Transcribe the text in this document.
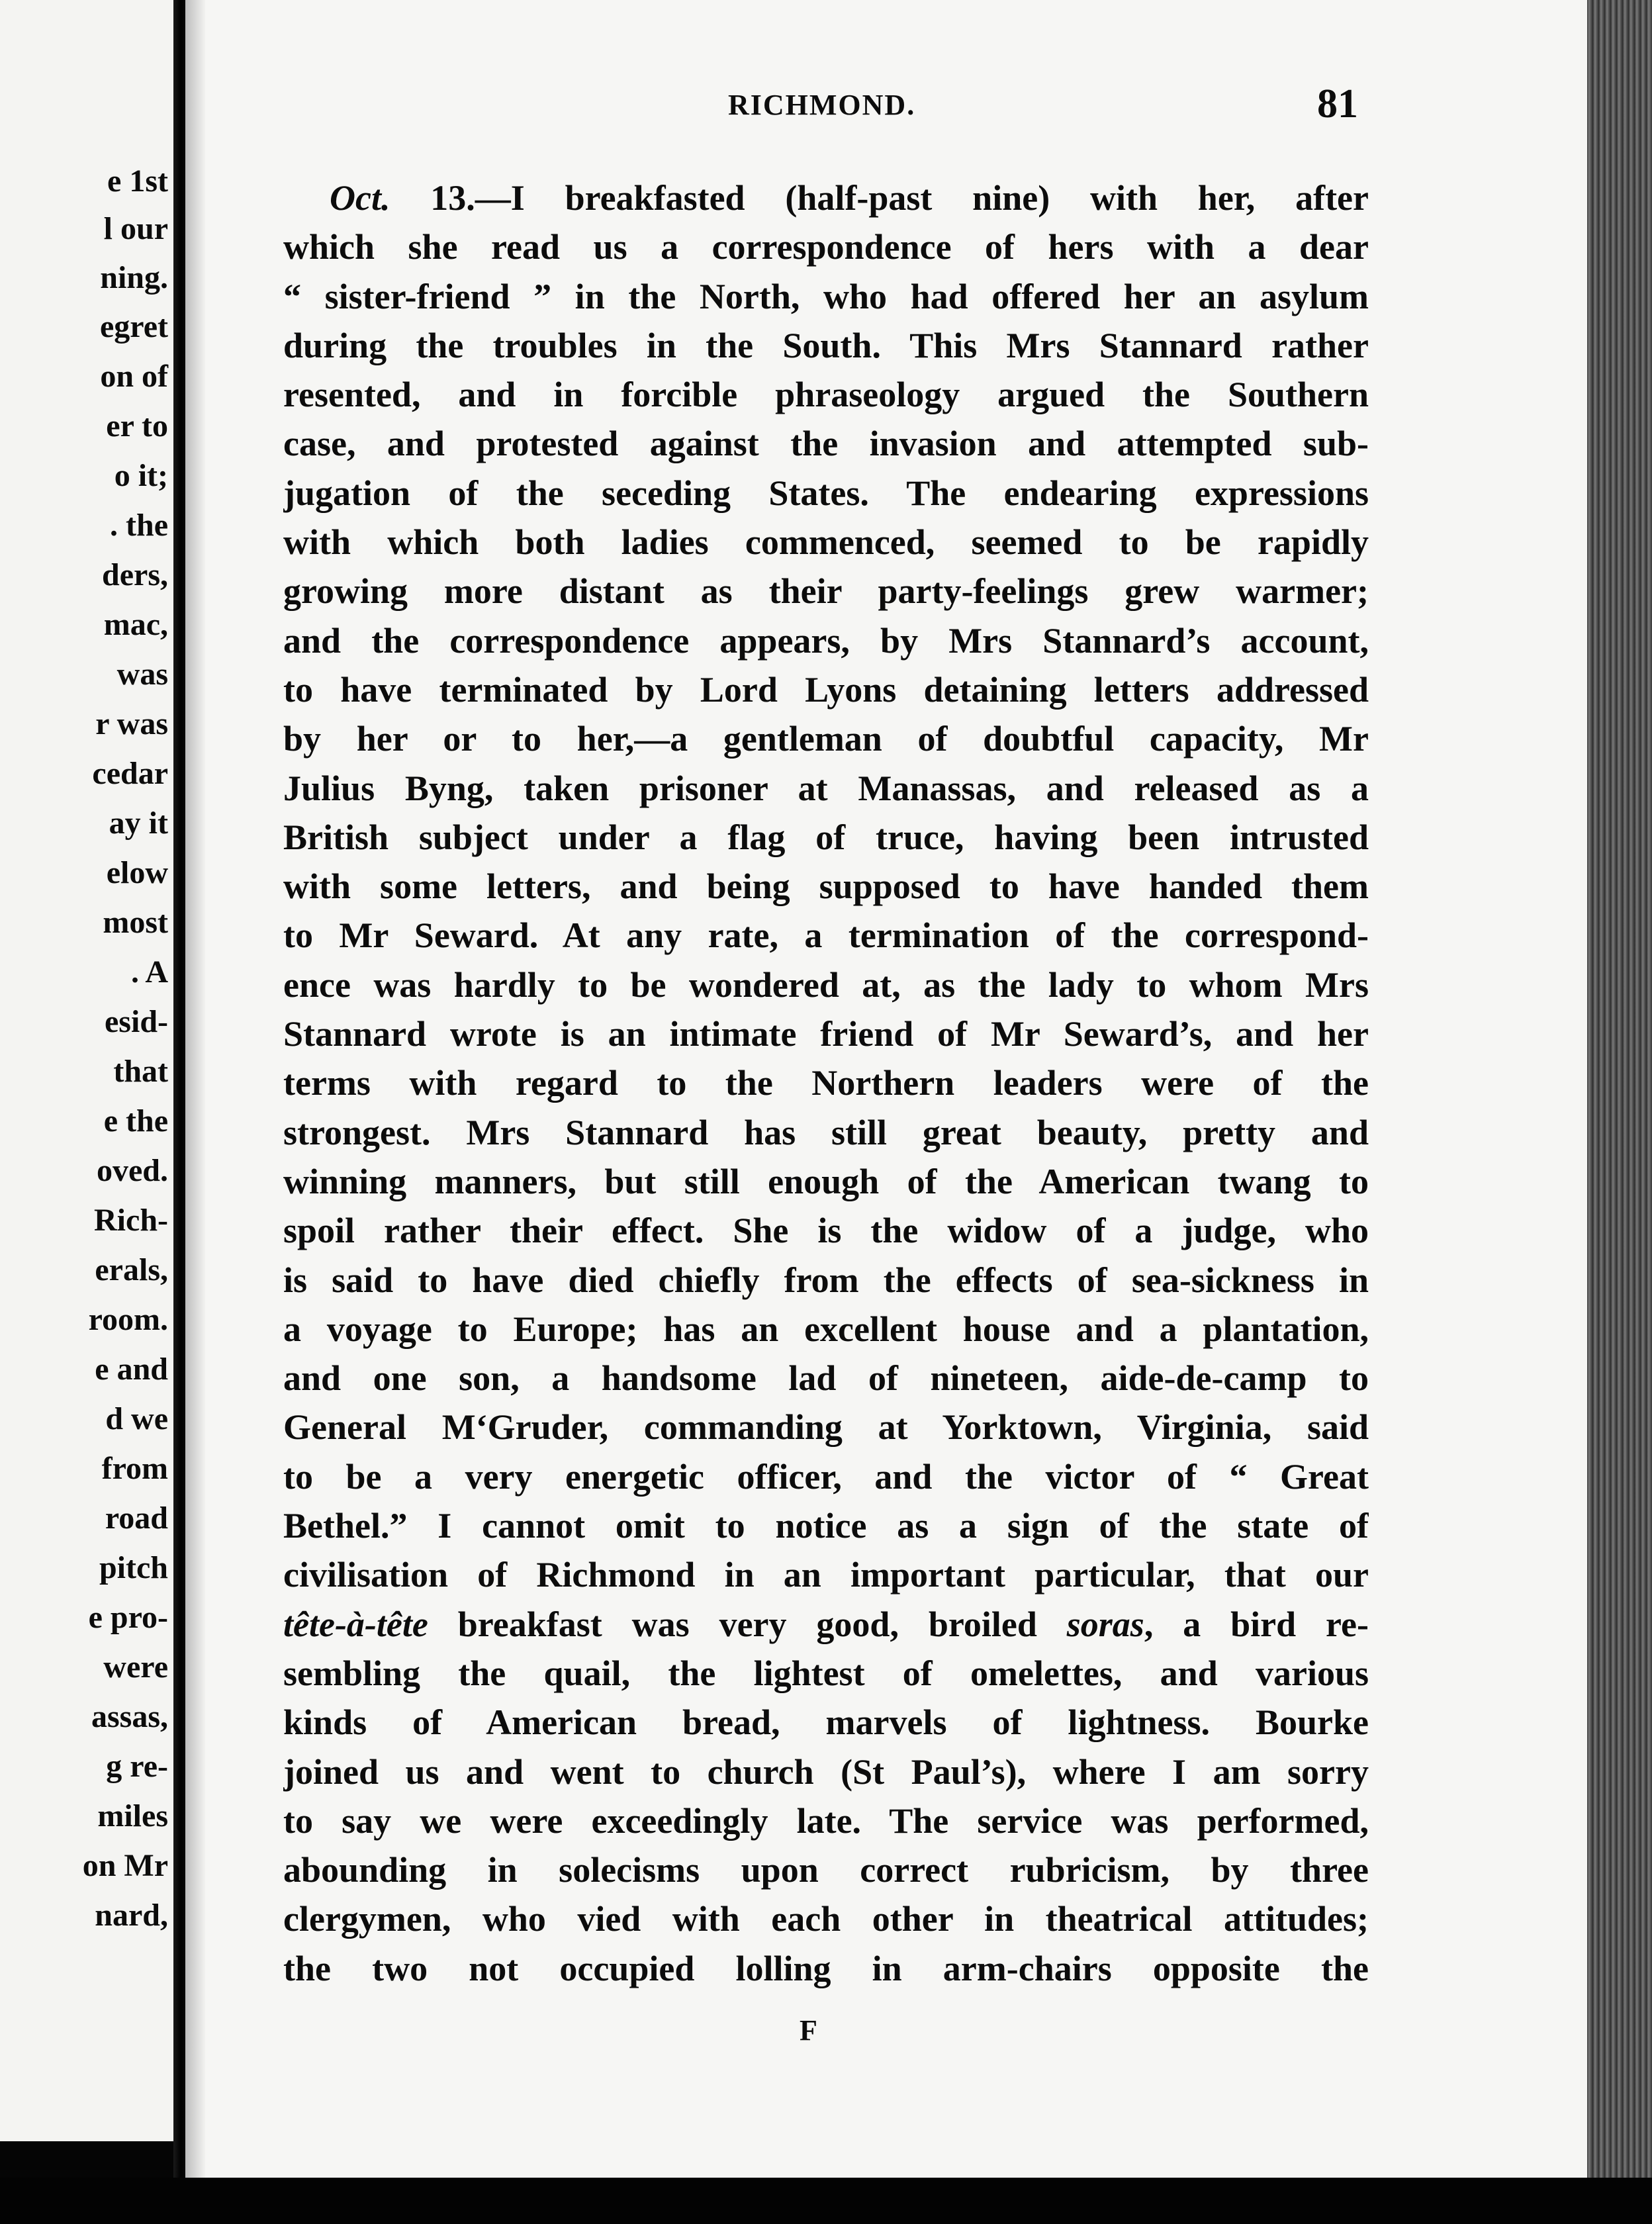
e 1st
l our
ning.
egret
on of
er to
o it;
. the
ders,
mac,
was
r was
cedar
ay it
elow
most
. A
esid-
that
e the
oved.
Rich-
erals,
room.
e and
d we
from
road
pitch
e pro-
were
assas,
g re-
miles
on Mr
nard,
RICHMOND.	81
Oct. 13.—I breakfasted (half-past nine) with her, after
which she read us a correspondence of hers with a dear
“ sister-friend ” in the North, who had offered her an asylum
during the troubles in the South. This Mrs Stannard rather
resented, and in forcible phraseology argued the Southern
case, and protested against the invasion and attempted sub-
jugation of the seceding States. The endearing expressions
with which both ladies commenced, seemed to be rapidly
growing more distant as their party-feelings grew warmer;
and the correspondence appears, by Mrs Stannard’s account,
to have terminated by Lord Lyons detaining letters addressed
by her or to her,—a gentleman of doubtful capacity, Mr
Julius Byng, taken prisoner at Manassas, and released as a
British subject under a flag of truce, having been intrusted
with some letters, and being supposed to have handed them
to Mr Seward. At any rate, a termination of the correspond-
ence was hardly to be wondered at, as the lady to whom Mrs
Stannard wrote is an intimate friend of Mr Seward’s, and her
terms with regard to the Northern leaders were of the
strongest. Mrs Stannard has still great beauty, pretty and
winning manners, but still enough of the American twang to
spoil rather their effect. She is the widow of a judge, who
is said to have died chiefly from the effects of sea-sickness in
a voyage to Europe; has an excellent house and a plantation,
and one son, a handsome lad of nineteen, aide-de-camp to
General M‘Gruder, commanding at Yorktown, Virginia, said
to be a very energetic officer, and the victor of “ Great
Bethel.” I cannot omit to notice as a sign of the state of
civilisation of Richmond in an important particular, that our
tête-à-tête breakfast was very good, broiled soras, a bird re-
sembling the quail, the lightest of omelettes, and various
kinds of American bread, marvels of lightness. Bourke
joined us and went to church (St Paul’s), where I am sorry
to say we were exceedingly late. The service was performed,
abounding in solecisms upon correct rubricism, by three
clergymen, who vied with each other in theatrical attitudes;
the two not occupied lolling in arm-chairs opposite the
F
